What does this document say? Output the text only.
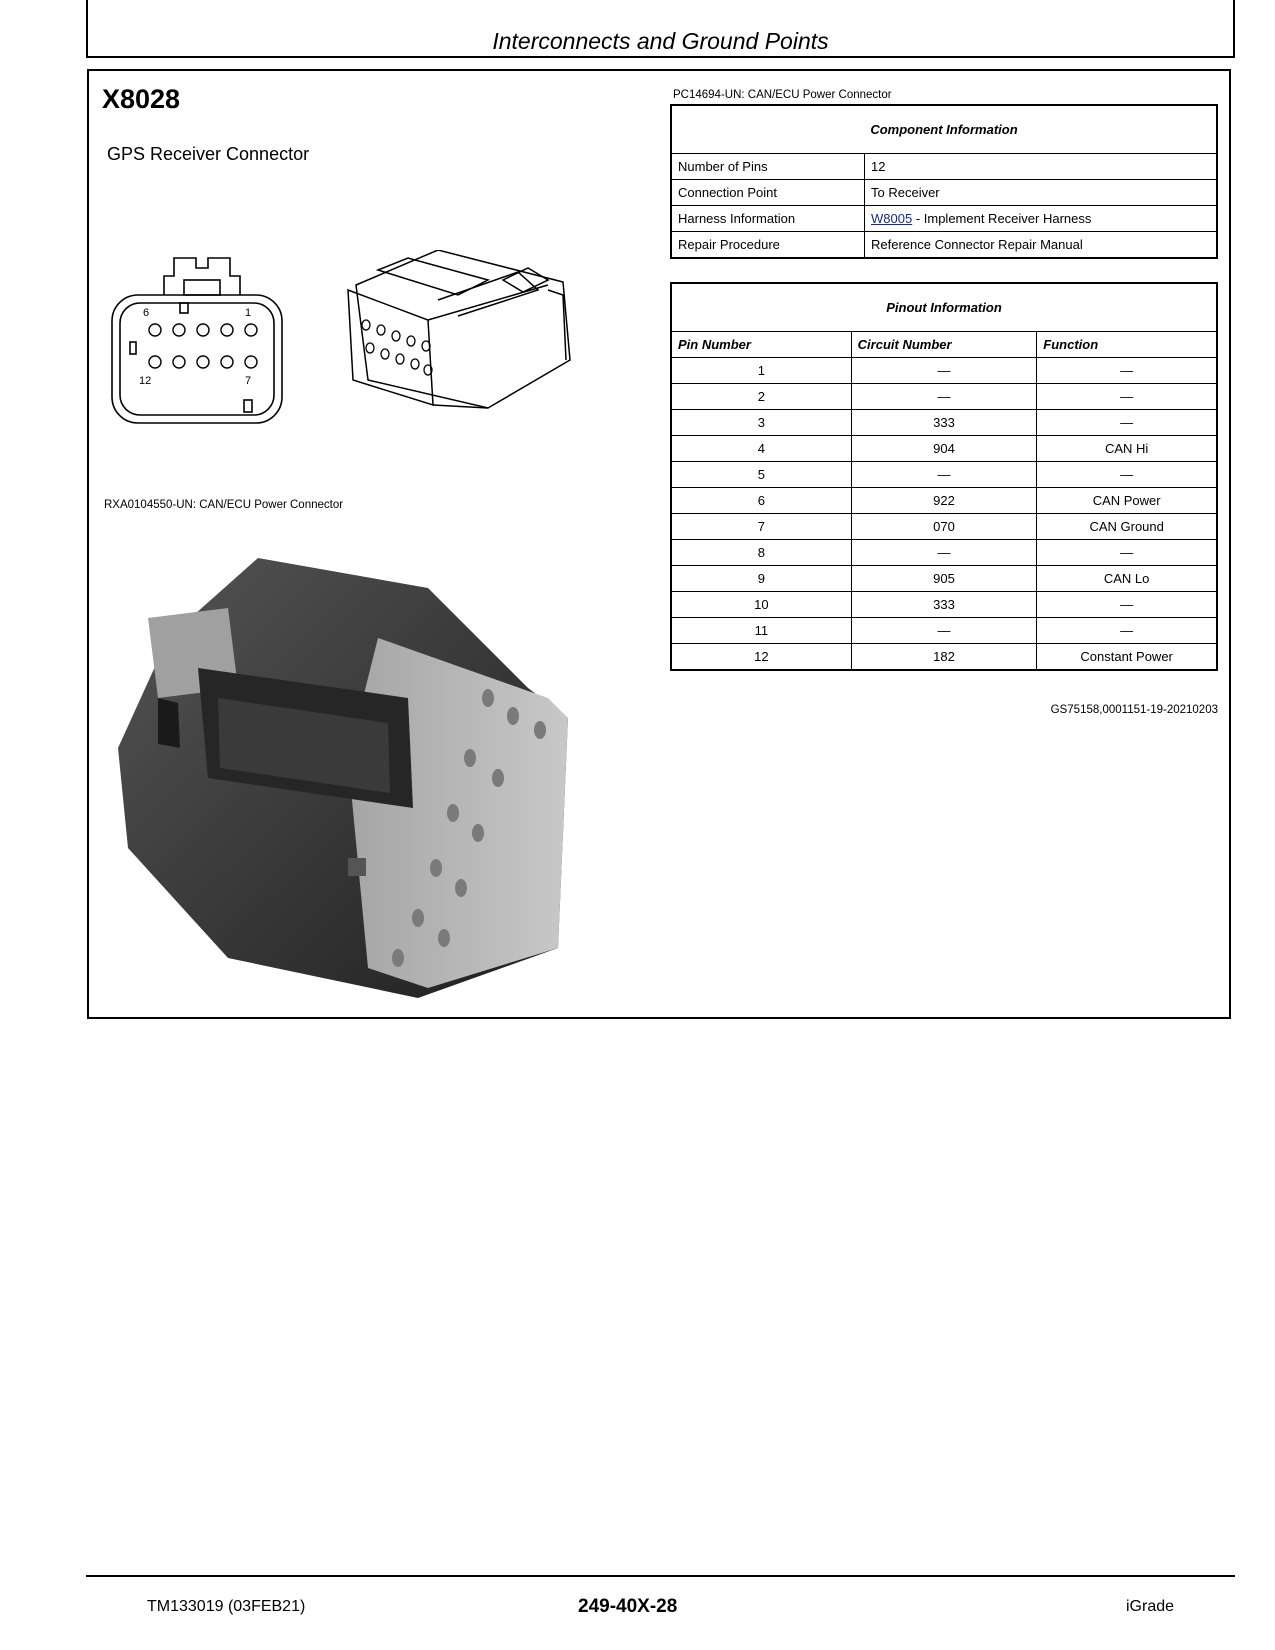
Interconnects and Ground Points
X8028
GPS Receiver Connector
6	1
12	7
RXA0104550-UN: CAN/ECU Power Connector
PC14694-UN: CAN/ECU Power Connector
Component Information	
Number of Pins	12
Connection Point	To Receiver
Harness Information	W8005 - Implement Receiver Harness
Repair Procedure	Reference Connector Repair Manual
Pinout Information		
Pin Number	Circuit Number	Function
1	—	—
2	—	—
3	333	—
4	904	CAN Hi
5	—	—
6	922	CAN Power
7	070	CAN Ground
8	—	—
9	905	CAN Lo
10	333	—
11	—	—
12	182	Constant Power
GS75158,0001151-19-20210203
TM133019 (03FEB21)	249-40X-28	iGrade
